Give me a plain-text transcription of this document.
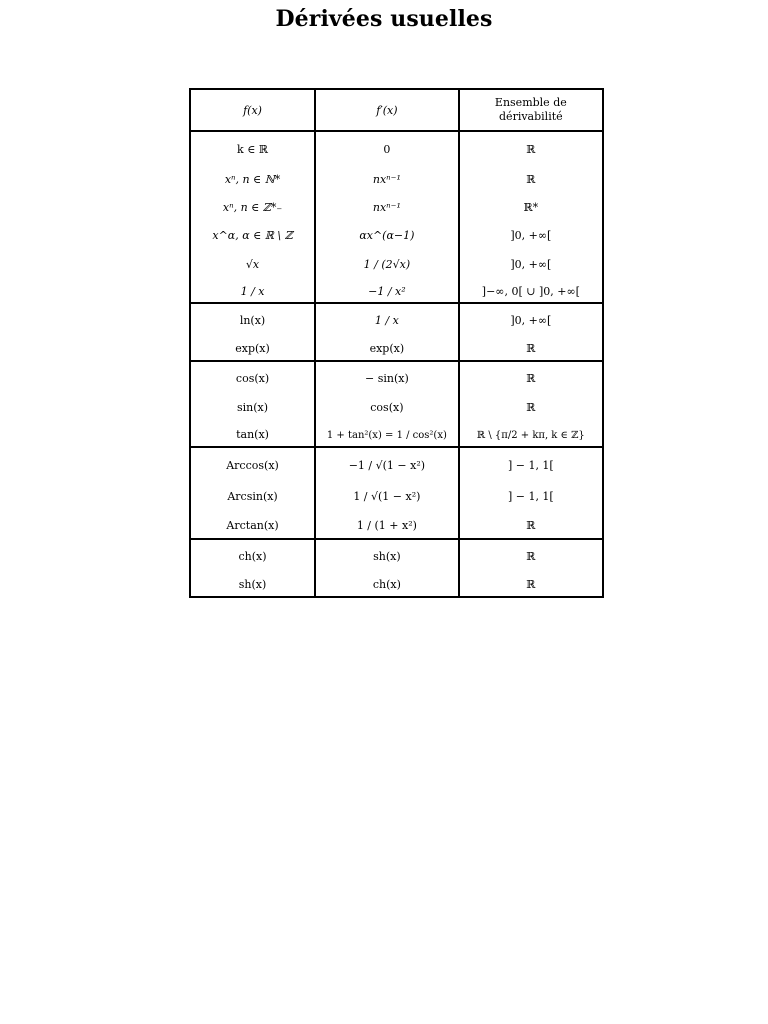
Dérivées usuelles
f(x)	f′(x)	Ensemble de
dérivabilité

k ∈ ℝ	0	ℝ
xⁿ, n ∈ ℕ*	nxⁿ⁻¹	ℝ
xⁿ, n ∈ ℤ*₋	nxⁿ⁻¹	ℝ*
x^α, α ∈ ℝ \ ℤ	αx^(α−1)	]0, +∞[
√x	1 / (2√x)	]0, +∞[
1 / x	−1 / x²	]−∞, 0[ ∪ ]0, +∞[
ln(x)	1 / x	]0, +∞[
exp(x)	exp(x)	ℝ
cos(x)	− sin(x)	ℝ
sin(x)	cos(x)	ℝ
tan(x)	1 + tan²(x) = 1 / cos²(x)	ℝ \ {π/2 + kπ, k ∈ ℤ}
Arccos(x)	−1 / √(1 − x²)	] − 1, 1[
Arcsin(x)	1 / √(1 − x²)	] − 1, 1[
Arctan(x)	1 / (1 + x²)	ℝ
ch(x)	sh(x)	ℝ
sh(x)	ch(x)	ℝ
